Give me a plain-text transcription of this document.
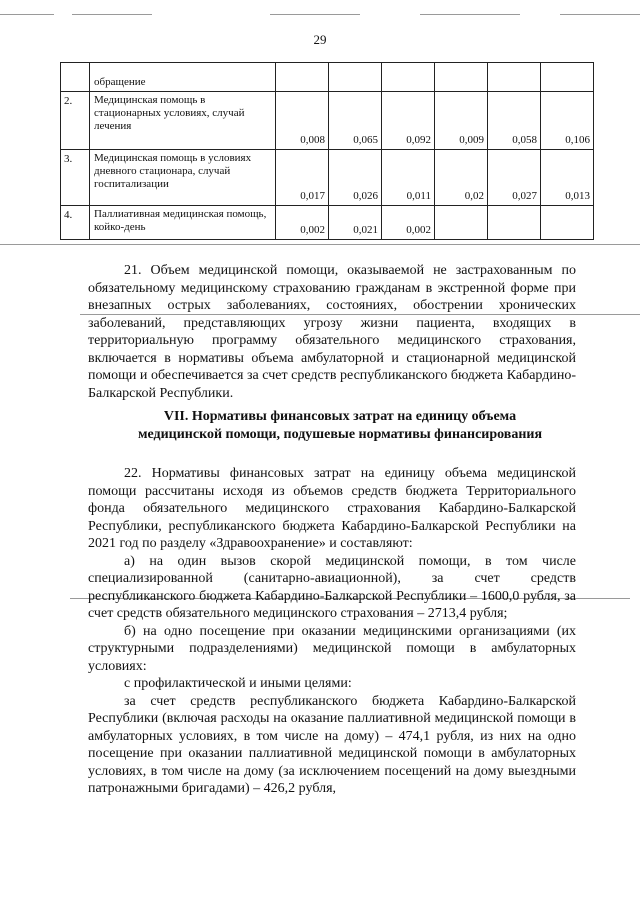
29
	обращение						
2.	Медицинская помощь в стационарных условиях, случай лечения	0,008	0,065	0,092	0,009	0,058	0,106
3.	Медицинская помощь в условиях дневного стационара, случай госпитализации	0,017	0,026	0,011	0,02	0,027	0,013
4.	Паллиативная медицинская помощь, койко-день	0,002	0,021	0,002			
21. Объем медицинской помощи, оказываемой не застрахованным по обязательному медицинскому страхованию гражданам в экстренной форме при внезапных острых заболеваниях, состояниях, обострении хронических заболеваний, представляющих угрозу жизни пациента, входящих в территориальную программу обязательного медицинского страхования, включается в нормативы объема амбулаторной и стационарной медицинской помощи и обеспечивается за счет средств республиканского бюджета Кабардино-Балкарской Республики.

VII. Нормативы финансовых затрат на единицу объема

медицинской помощи, подушевые нормативы финансирования

22. Нормативы финансовых затрат на единицу объема медицинской помощи рассчитаны исходя из объемов средств бюджета Территориального фонда обязательного медицинского страхования Кабардино-Балкарской Республики, республиканского бюджета Кабардино-Балкарской Республики на 2021 год по разделу «Здравоохранение» и составляют:

а) на один вызов скорой медицинской помощи, в том числе специализированной (санитарно-авиационной), за счет средств республиканского бюджета Кабардино-Балкарской Республики – 1600,0 рубля, за счет средств обязательного медицинского страхования – 2713,4 рубля;

б) на одно посещение при оказании медицинскими организациями (их структурными подразделениями) медицинской помощи в амбулаторных условиях:

с профилактической и иными целями:

за счет средств республиканского бюджета Кабардино-Балкарской Республики (включая расходы на оказание паллиативной медицинской помощи в амбулаторных условиях, в том числе на дому) – 474,1 рубля, из них на одно посещение при оказании паллиативной медицинской помощи в амбулаторных условиях, в том числе на дому (за исключением посещений на дому выездными патронажными бригадами) – 426,2 рубля,
